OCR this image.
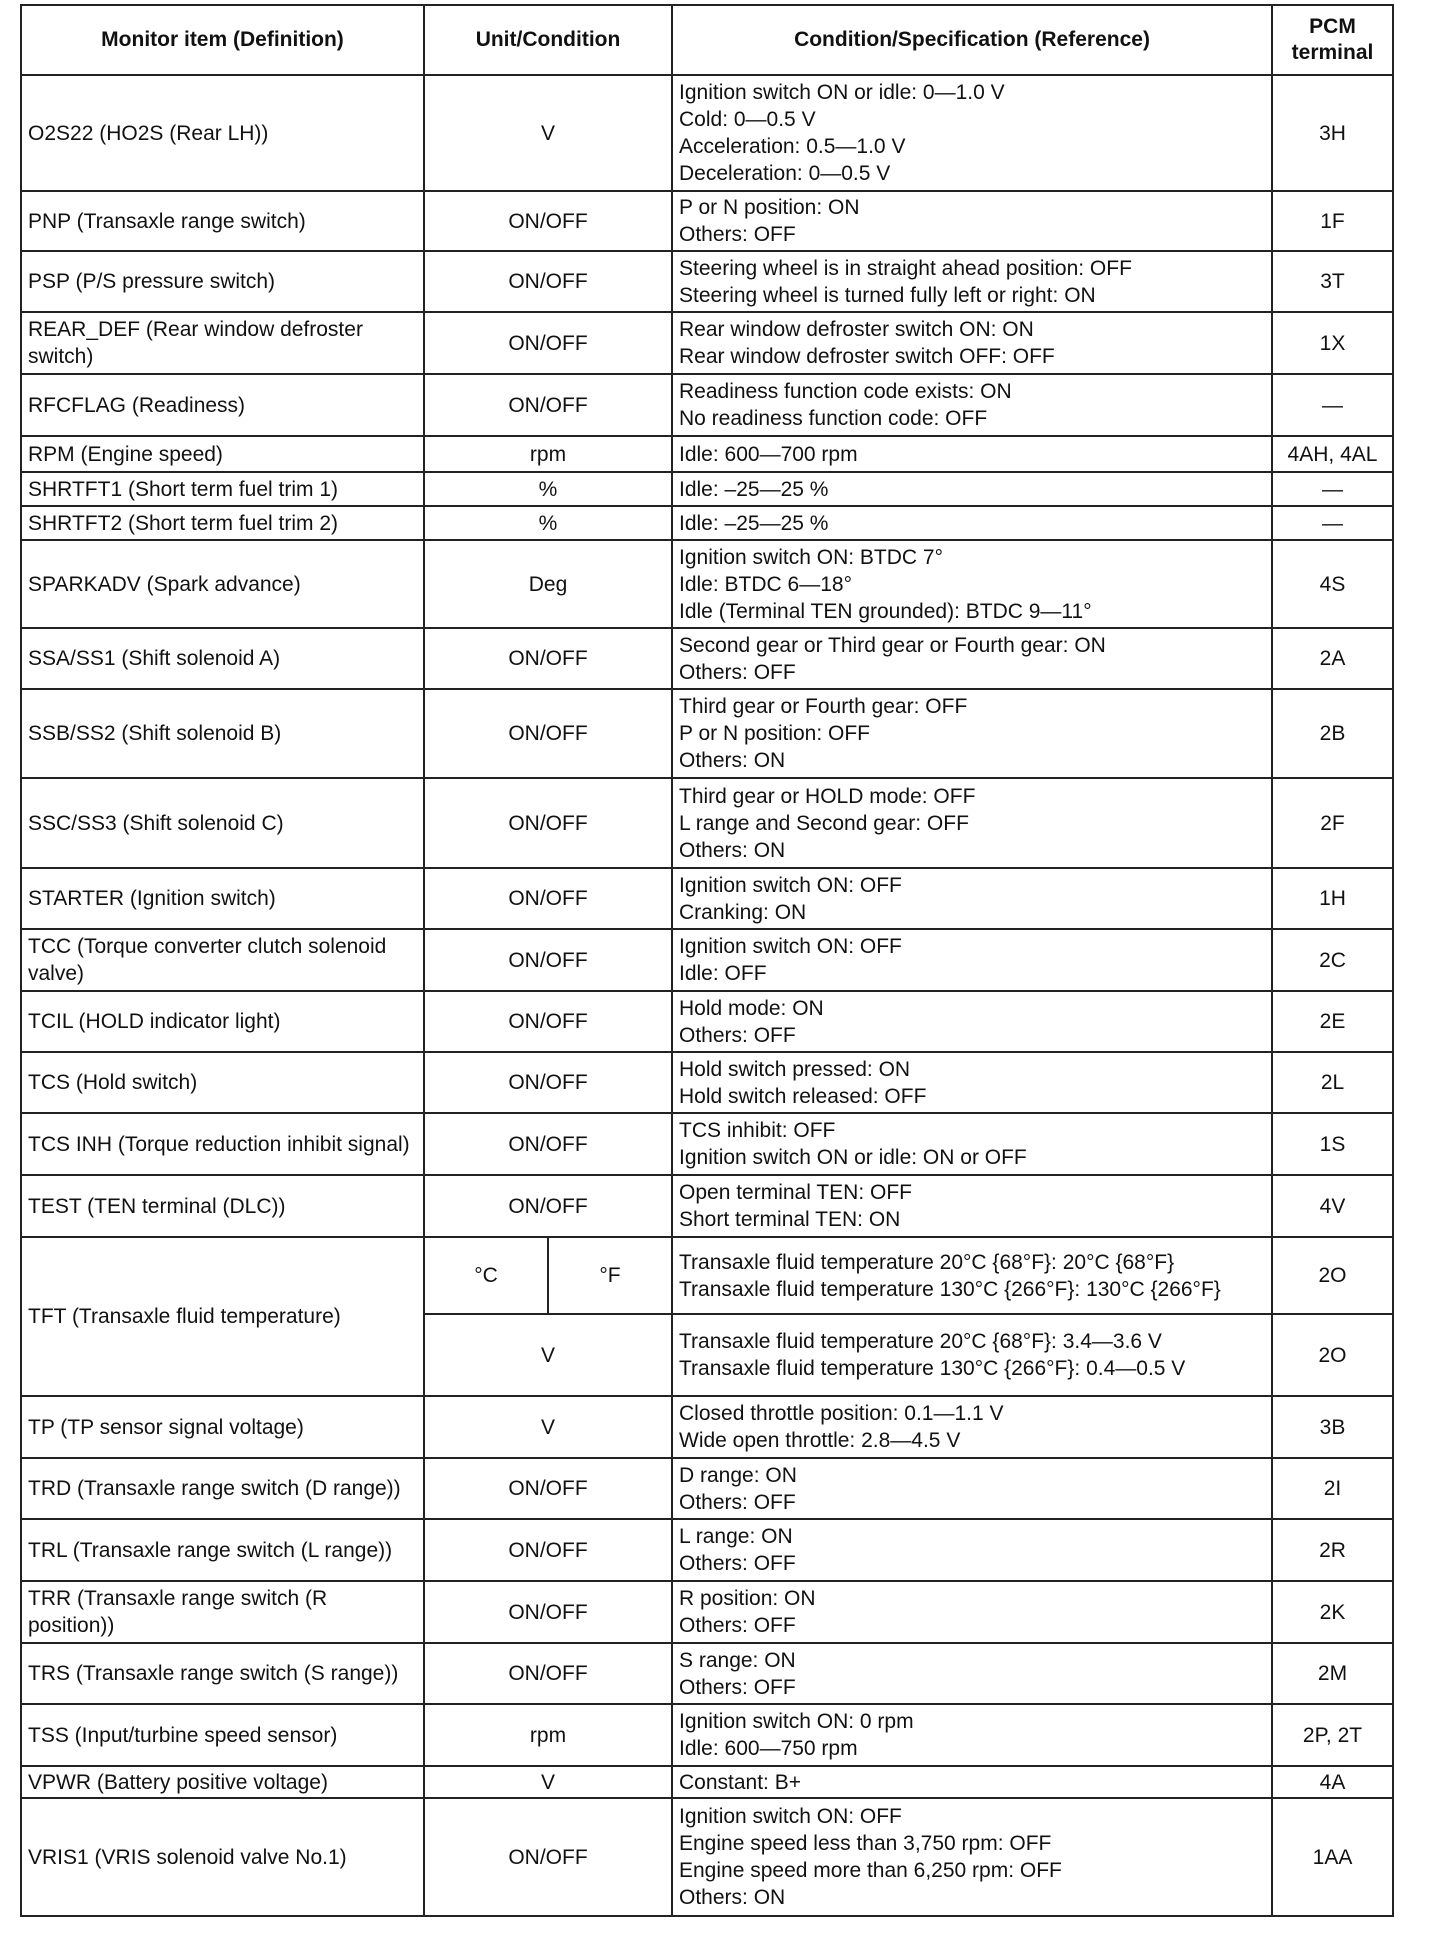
Monitor item (Definition)	Unit/Condition		Condition/Specification (Reference)	PCM terminal
O2S22 (HO2S (Rear LH))	V		Ignition switch ON or idle: 0—1.0 V
Cold: 0—0.5 V
Acceleration: 0.5—1.0 V
Deceleration: 0—0.5 V	3H
PNP (Transaxle range switch)	ON/OFF		P or N position: ON
Others: OFF	1F
PSP (P/S pressure switch)	ON/OFF		Steering wheel is in straight ahead position: OFF
Steering wheel is turned fully left or right: ON	3T
REAR_DEF (Rear window defroster switch)	ON/OFF		Rear window defroster switch ON: ON
Rear window defroster switch OFF: OFF	1X
RFCFLAG (Readiness)	ON/OFF		Readiness function code exists: ON
No readiness function code: OFF	—
RPM (Engine speed)	rpm		Idle: 600—700 rpm	4AH, 4AL
SHRTFT1 (Short term fuel trim 1)	%		Idle: –25—25 %	—
SHRTFT2 (Short term fuel trim 2)	%		Idle: –25—25 %	—
SPARKADV (Spark advance)	Deg		Ignition switch ON: BTDC 7°
Idle: BTDC 6—18°
Idle (Terminal TEN grounded): BTDC 9—11°	4S
SSA/SS1 (Shift solenoid A)	ON/OFF		Second gear or Third gear or Fourth gear: ON
Others: OFF	2A
SSB/SS2 (Shift solenoid B)	ON/OFF		Third gear or Fourth gear: OFF
P or N position: OFF
Others: ON	2B
SSC/SS3 (Shift solenoid C)	ON/OFF		Third gear or HOLD mode: OFF
L range and Second gear: OFF
Others: ON	2F
STARTER (Ignition switch)	ON/OFF		Ignition switch ON: OFF
Cranking: ON	1H
TCC (Torque converter clutch solenoid valve)	ON/OFF		Ignition switch ON: OFF
Idle: OFF	2C
TCIL (HOLD indicator light)	ON/OFF		Hold mode: ON
Others: OFF	2E
TCS (Hold switch)	ON/OFF		Hold switch pressed: ON
Hold switch released: OFF	2L
TCS INH (Torque reduction inhibit signal)	ON/OFF		TCS inhibit: OFF
Ignition switch ON or idle: ON or OFF	1S
TEST (TEN terminal (DLC))	ON/OFF		Open terminal TEN: OFF
Short terminal TEN: ON	4V
TFT (Transaxle fluid temperature)	°C	°F	Transaxle fluid temperature 20°C {68°F}: 20°C {68°F}
Transaxle fluid temperature 130°C {266°F}: 130°C {266°F}	2O
	V		Transaxle fluid temperature 20°C {68°F}: 3.4—3.6 V
Transaxle fluid temperature 130°C {266°F}: 0.4—0.5 V	2O
TP (TP sensor signal voltage)	V		Closed throttle position: 0.1—1.1 V
Wide open throttle: 2.8—4.5 V	3B
TRD (Transaxle range switch (D range))	ON/OFF		D range: ON
Others: OFF	2I
TRL (Transaxle range switch (L range))	ON/OFF		L range: ON
Others: OFF	2R
TRR (Transaxle range switch (R position))	ON/OFF		R position: ON
Others: OFF	2K
TRS (Transaxle range switch (S range))	ON/OFF		S range: ON
Others: OFF	2M
TSS (Input/turbine speed sensor)	rpm		Ignition switch ON: 0 rpm
Idle: 600—750 rpm	2P, 2T
VPWR (Battery positive voltage)	V		Constant: B+	4A
VRIS1 (VRIS solenoid valve No.1)	ON/OFF		Ignition switch ON: OFF
Engine speed less than 3,750 rpm: OFF
Engine speed more than 6,250 rpm: OFF
Others: ON	1AA
